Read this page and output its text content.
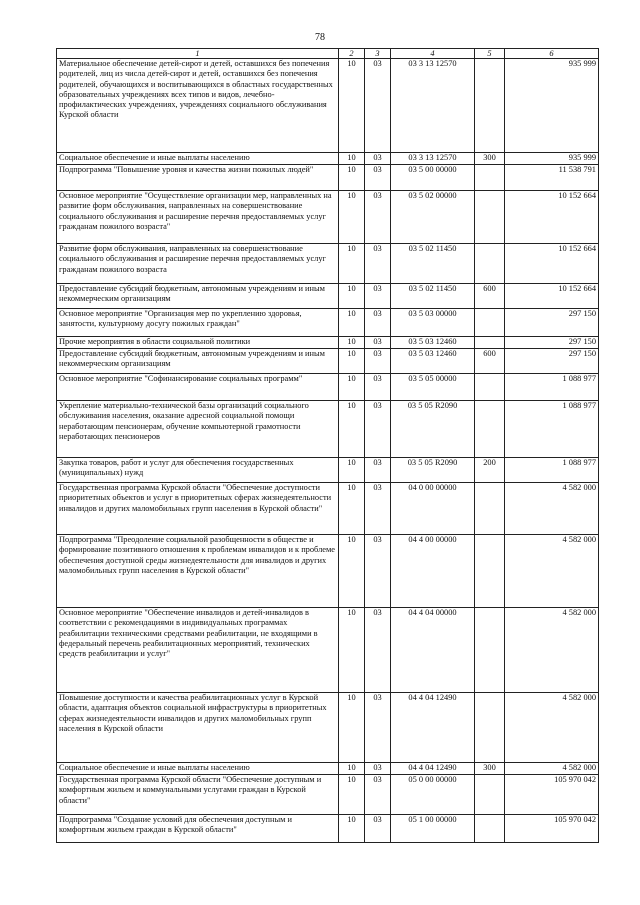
78
1	2	3	4	5	6
Материальное обеспечение детей-сирот и детей, оставшихся без попечения родителей, лиц из числа детей-сирот и детей, оставшихся без попечения родителей, обучающихся и воспитывающихся в областных государственных образовательных учреждениях всех типов и видов, лечебно-профилактических учреждениях, учреждениях социального обслуживания Курской области	10	03	03 3 13 12570		935 999
Социальное обеспечение и иные выплаты населению	10	03	03 3 13 12570	300	935 999
Подпрограмма "Повышение уровня и качества жизни пожилых людей"	10	03	03 5 00 00000		11 538 791
Основное мероприятие "Осуществление организации мер, направленных на развитие форм обслуживания, направленных на совершенствование социального обслуживания и расширение перечня предоставляемых услуг гражданам пожилого возраста"	10	03	03 5 02 00000		10 152 664
Развитие форм обслуживания, направленных на совершенствование социального обслуживания и расширение перечня предоставляемых услуг гражданам пожилого возраста	10	03	03 5 02 11450		10 152 664
Предоставление субсидий бюджетным, автономным учреждениям и иным некоммерческим организациям	10	03	03 5 02 11450	600	10 152 664
Основное мероприятие "Организация мер по укреплению здоровья, занятости, культурному досугу пожилых граждан"	10	03	03 5 03 00000		297 150
Прочие мероприятия в области социальной политики	10	03	03 5 03 12460		297 150
Предоставление субсидий бюджетным, автономным учреждениям и иным некоммерческим организациям	10	03	03 5 03 12460	600	297 150
Основное мероприятие "Софинансирование социальных программ"	10	03	03 5 05 00000		1 088 977
Укрепление материально-технической базы организаций социального обслуживания населения, оказание адресной социальной помощи неработающим пенсионерам, обучение компьютерной грамотности неработающих пенсионеров	10	03	03 5 05 R2090		1 088 977
Закупка товаров, работ и услуг для обеспечения государственных (муниципальных) нужд	10	03	03 5 05 R2090	200	1 088 977
Государственная программа Курской области "Обеспечение доступности приоритетных объектов и услуг в приоритетных сферах жизнедеятельности инвалидов и других маломобильных групп населения в Курской области"	10	03	04 0 00 00000		4 582 000
Подпрограмма "Преодоление социальной разобщенности в обществе и формирование позитивного отношения к проблемам инвалидов и к проблеме обеспечения доступной среды жизнедеятельности для инвалидов и других маломобильных групп населения в Курской области"	10	03	04 4 00 00000		4 582 000
Основное мероприятие "Обеспечение инвалидов и детей-инвалидов в соответствии с рекомендациями в индивидуальных программах реабилитации техническими средствами реабилитации, не входящими в федеральный перечень реабилитационных мероприятий, технических средств реабилитации и услуг"	10	03	04 4 04 00000		4 582 000
Повышение доступности и качества реабилитационных услуг в Курской области, адаптация объектов социальной инфраструктуры в приоритетных сферах жизнедеятельности инвалидов и других маломобильных групп населения в Курской области	10	03	04 4 04 12490		4 582 000
Социальное обеспечение и иные выплаты населению	10	03	04 4 04 12490	300	4 582 000
Государственная программа Курской области "Обеспечение доступным и комфортным жильем и коммунальными услугами граждан в Курской области"	10	03	05 0 00 00000		105 970 042
Подпрограмма "Создание условий для обеспечения доступным и комфортным жильем граждан в Курской области"	10	03	05 1 00 00000		105 970 042
